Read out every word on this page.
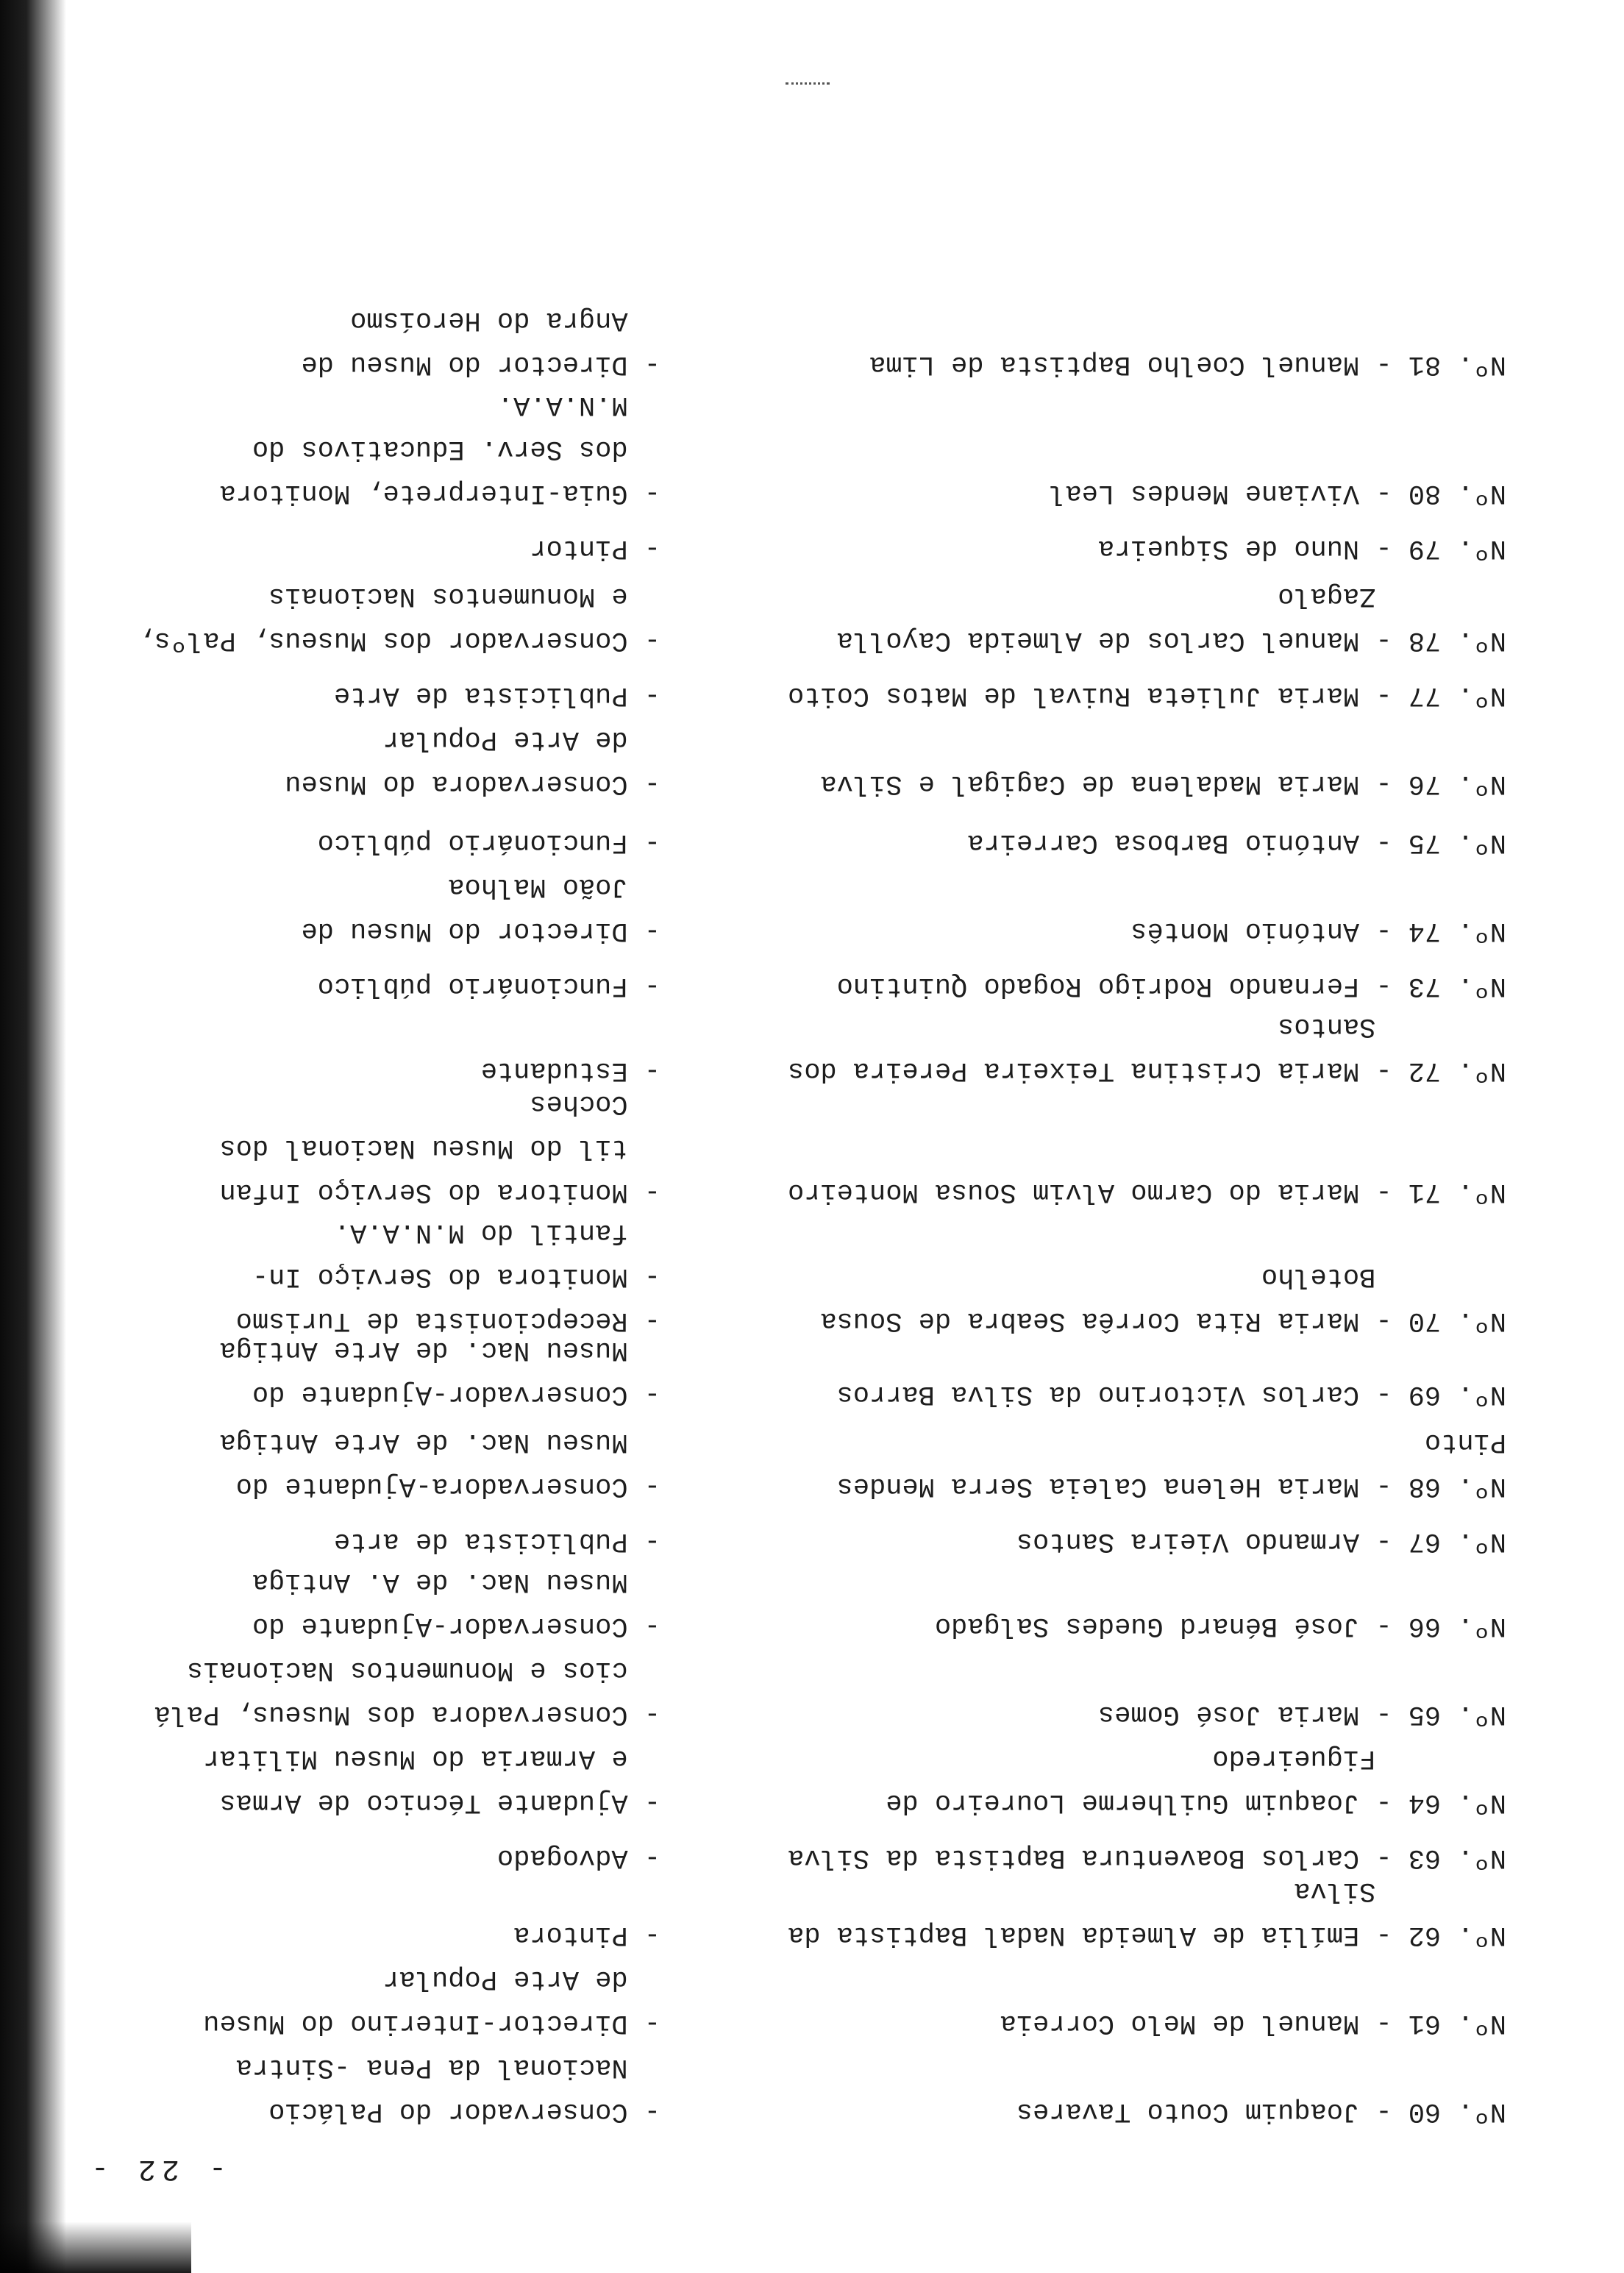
- 22 -
Nº. 60 - Joaquim Couto Tavares
- Conservador do Palácio
Nacional da Pena -Sintra
Nº. 61 - Manuel de Melo Correia
- Director-Interino do Museu
de Arte Popular
Nº. 62 - Emília de Almeida Nadal Baptista da
Silva
- Pintora
Nº. 63 - Carlos Boaventura Baptista da Silva
- Advogado
Nº. 64 - Joaquim Guilherme Loureiro de
Figueiredo
- Ajudante Técnico de Armas
e Armaria do Museu Militar
Nº. 65 - Maria José Gomes
- Conservadora dos Museus, Palá
cios e Monumentos Nacionais
Nº. 66 - José Bénard Guedes Salgado
- Conservador-Ajudante do
Museu Nac. de A. Antiga
Nº. 67 - Armando Vieira Santos
- Publicista de arte
Nº. 68 - Maria Helena Caleia Serra Mendes Pinto
- Conservadora-Ajudante do
Museu Nac. de Arte Antiga
Nº. 69 - Carlos Victorino da Silva Barros
- Conservador-Ajudante do
Museu Nac. de Arte Antiga
Nº. 70 - Maria Rita Corrêa Seabra de Sousa
Botelho
- Recepcionista de Turismo
- Monitora do Serviço In-
fantil do M.N.A.A.
Nº. 71 - Maria do Carmo Alvim Sousa Monteiro
- Monitora do Serviço Infan
til do Museu Nacional dos
Coches
Nº. 72 - Maria Cristina Teixeira Pereira dos
Santos
- Estudante
Nº. 73 - Fernando Rodrigo Rogado Quintino
- Funcionário público
Nº. 74 - António Montês
- Director do Museu de
João Malhoa
Nº. 75 - António Barbosa Carreira
- Funcionário público
Nº. 76 - Maria Madalena de Cagigal e Silva
- Conservadora do Museu
de Arte Popular
Nº. 77 - Maria Julieta Ruival de Matos Coito
- Publicista de Arte
Nº. 78 - Manuel Carlos de Almeida Cayolla
Zagalo
- Conservador dos Museus, Palºs,
e Monumentos Nacionais
Nº. 79 - Nuno de Siqueira
- Pintor
Nº. 80 - Viviane Mendes Leal
- Guia-Interprete, Monitora
dos Serv. Educativos do
M.N.A.A.
Nº. 81 - Manuel Coelho Baptista de Lima
- Director do Museu de
Angra do Heroísmo
